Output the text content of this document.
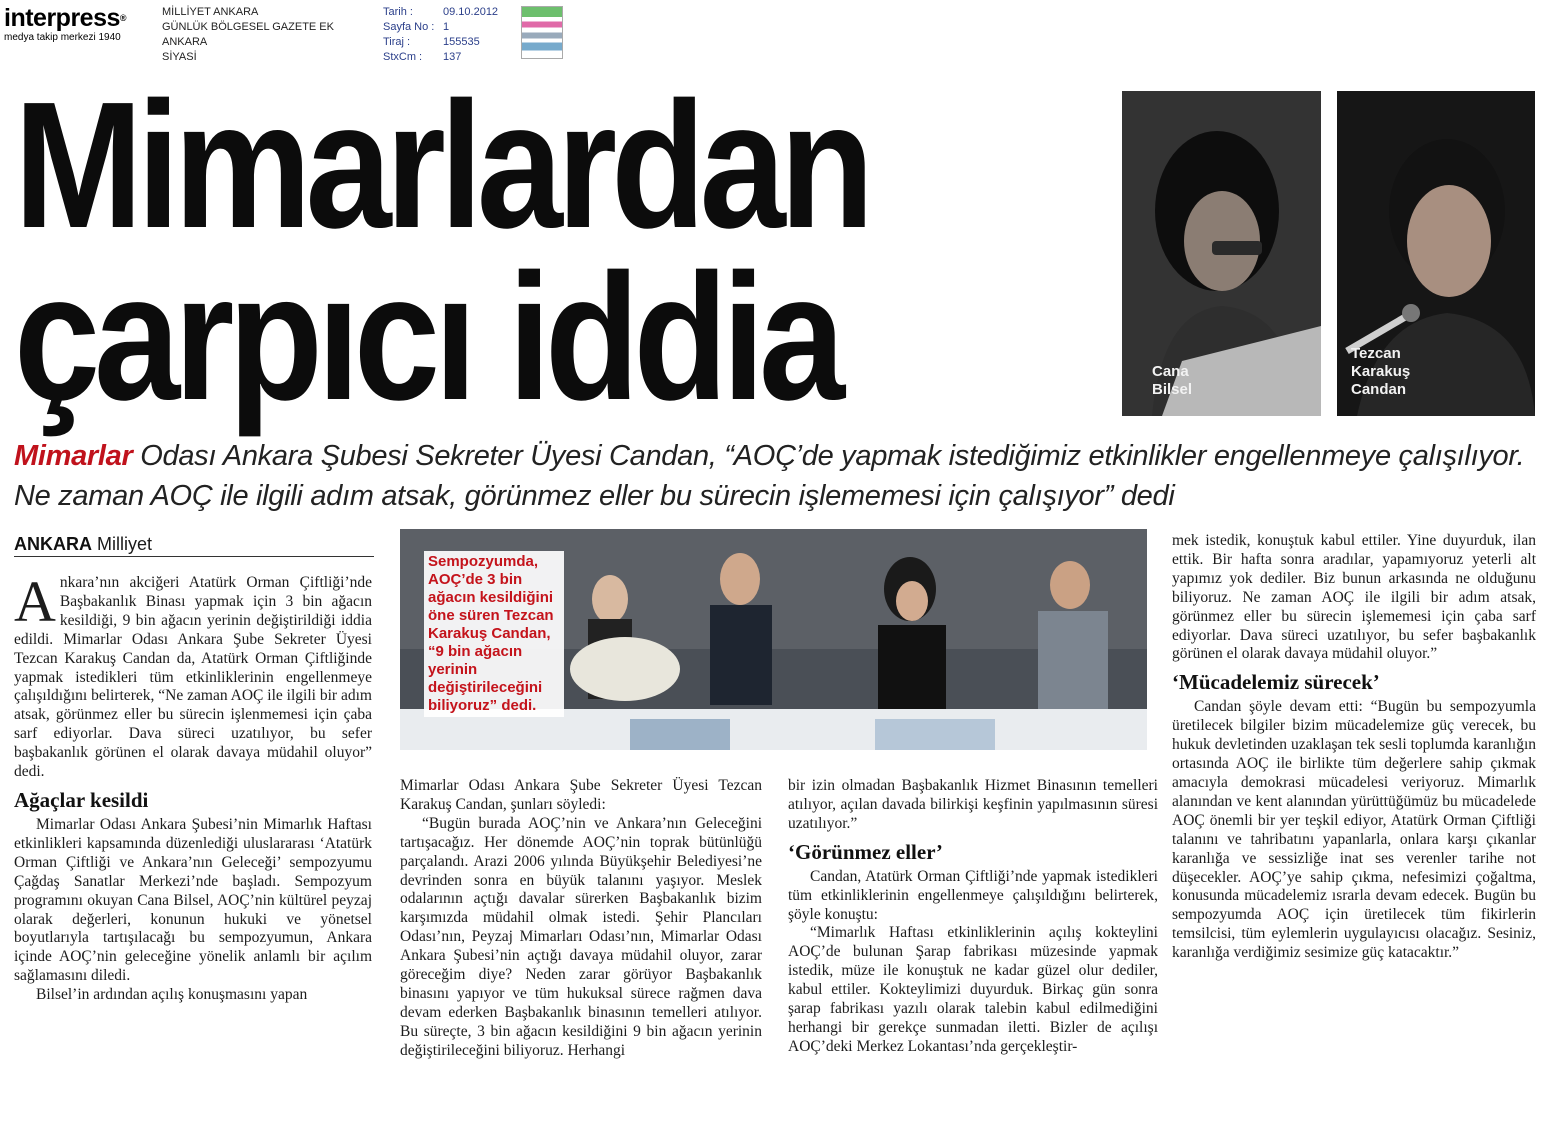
interpress®
medya takip merkezi 1940
MİLLİYET ANKARA
GÜNLÜK BÖLGESEL GAZETE EK
ANKARA
SİYASİ
Tarih :	09.10.2012
Sayfa No : 1
Tiraj :	155535
StxCm :	137
Mimarlardan
çarpıcı iddia	Cana
Bilsel
Tezcan
Karakuş
Candan
Mimarlar Odası Ankara Şubesi Sekreter Üyesi Candan, “AOÇ’de yapmak istediğimiz etkinlikler engellenmeye çalışılıyor. Ne zaman AOÇ ile ilgili adım atsak, görünmez eller bu sürecin işlememesi için çalışıyor” dedi
ANKARA Milliyet

Ankara’nın akciğeri Atatürk Orman Çiftliği’nde Başbakanlık Binası yapmak için 3 bin ağacın kesildiği, 9 bin ağacın yerinin değiştirildiği iddia edildi. Mimarlar Odası Ankara Şube Sekreter Üyesi Tezcan Karakuş Candan da, Atatürk Orman Çiftliğinde yapmak istedikleri tüm etkinliklerinin engellenmeye çalışıldığını belirterek, “Ne zaman AOÇ ile ilgili bir adım atsak, görünmez eller bu sürecin işlenmemesi için çaba sarf ediyorlar. Dava süreci uzatılıyor, bu sefer başbakanlık görünen el olarak davaya müdahil oluyor” dedi.

Ağaçlar kesildi

Mimarlar Odası Ankara Şubesi’nin Mimarlık Haftası etkinlikleri kapsamında düzenlediği uluslararası ‘Atatürk Orman Çiftliği ve Ankara’nın Geleceği’ sempozyumu Çağdaş Sanatlar Merkezi’nde başladı. Sempozyum programını okuyan Cana Bilsel, AOÇ’nin kültürel peyzaj olarak değerleri, konunun hukuki ve yönetsel boyutlarıyla tartışılacağı bu sempozyumun, Ankara içinde AOÇ’nin geleceğine yönelik anlamlı bir açılım sağlamasını diledi.

Bilsel’in ardından açılış konuşmasını yapan

Sempozyumda, AOÇ’de 3 bin ağacın kesildiğini öne süren Tezcan Karakuş Candan, “9 bin ağacın yerinin değiştirileceğini biliyoruz” dedi.

Mimarlar Odası Ankara Şube Sekreter Üyesi Tezcan Karakuş Candan, şunları söyledi:

“Bugün burada AOÇ’nin ve Ankara’nın Geleceğini tartışacağız. Her dönemde AOÇ’nin toprak bütünlüğü parçalandı. Arazi 2006 yılında Büyükşehir Belediyesi’ne devrinden sonra en büyük talanını yaşıyor. Meslek odalarının açtığı davalar sürerken Başbakanlık bizim karşımızda müdahil olmak istedi. Şehir Plancıları Odası’nın, Peyzaj Mimarları Odası’nın, Mimarlar Odası Ankara Şubesi’nin açtığı davaya müdahil oluyor, zarar göreceğim diye? Neden zarar görüyor Başbakanlık binasını yapıyor ve tüm hukuksal sürece rağmen dava devam ederken Başbakanlık binasının temelleri atılıyor. Bu süreçte, 3 bin ağacın kesildiğini 9 bin ağacın yerinin değiştirileceğini biliyoruz. Herhangi

bir izin olmadan Başbakanlık Hizmet Binasının temelleri atılıyor, açılan davada bilirkişi keşfinin yapılmasının süresi uzatılıyor.”

‘Görünmez eller’

Candan, Atatürk Orman Çiftliği’nde yapmak istedikleri tüm etkinliklerinin engellenmeye çalışıldığını belirterek, şöyle konuştu:

“Mimarlık Haftası etkinliklerinin açılış kokteylini AOÇ’de bulunan Şarap fabrikası müzesinde yapmak istedik, müze ile konuştuk ne kadar güzel olur dediler, kabul ettiler. Kokteylimizi duyurduk. Birkaç gün sonra şarap fabrikası yazılı olarak talebin kabul edilmediğini herhangi bir gerekçe sunmadan iletti. Bizler de açılışı AOÇ’deki Merkez Lokantası’nda gerçekleştir-

mek istedik, konuştuk kabul ettiler. Yine duyurduk, ilan ettik. Bir hafta sonra aradılar, yapamıyoruz yeterli alt yapımız yok dediler. Biz bunun arkasında ne olduğunu biliyoruz. Ne zaman AOÇ ile ilgili bir adım atsak, görünmez eller bu sürecin işlememesi için çaba sarf ediyorlar. Dava süreci uzatılıyor, bu sefer başbakanlık görünen el olarak davaya müdahil oluyor.”

‘Mücadelemiz sürecek’

Candan şöyle devam etti: “Bugün bu sempozyumla üretilecek bilgiler bizim mücadelemize güç verecek, bu hukuk devletinden uzaklaşan tek sesli toplumda karanlığın ortasında AOÇ ile birlikte tüm değerlere sahip çıkmak amacıyla demokrasi mücadelesi veriyoruz. Mimarlık alanından ve kent alanından yürüttüğümüz bu mücadelede AOÇ önemli bir yer teşkil ediyor, Atatürk Orman Çiftliği talanını ve tahribatını yapanlarla, onlara karşı çıkanlar karanlığa ve sessizliğe inat ses verenler tarihe not düşecekler. AOÇ’ye sahip çıkma, nefesimizi çoğaltma, konusunda mücadelemiz ısrarla devam edecek. Bugün bu sempozyumda AOÇ için üretilecek tüm fikirlerin temsilcisi, tüm eylemlerin uygulayıcısı olacağız. Sesiniz, karanlığa verdiğimiz sesimize güç katacaktır.”
